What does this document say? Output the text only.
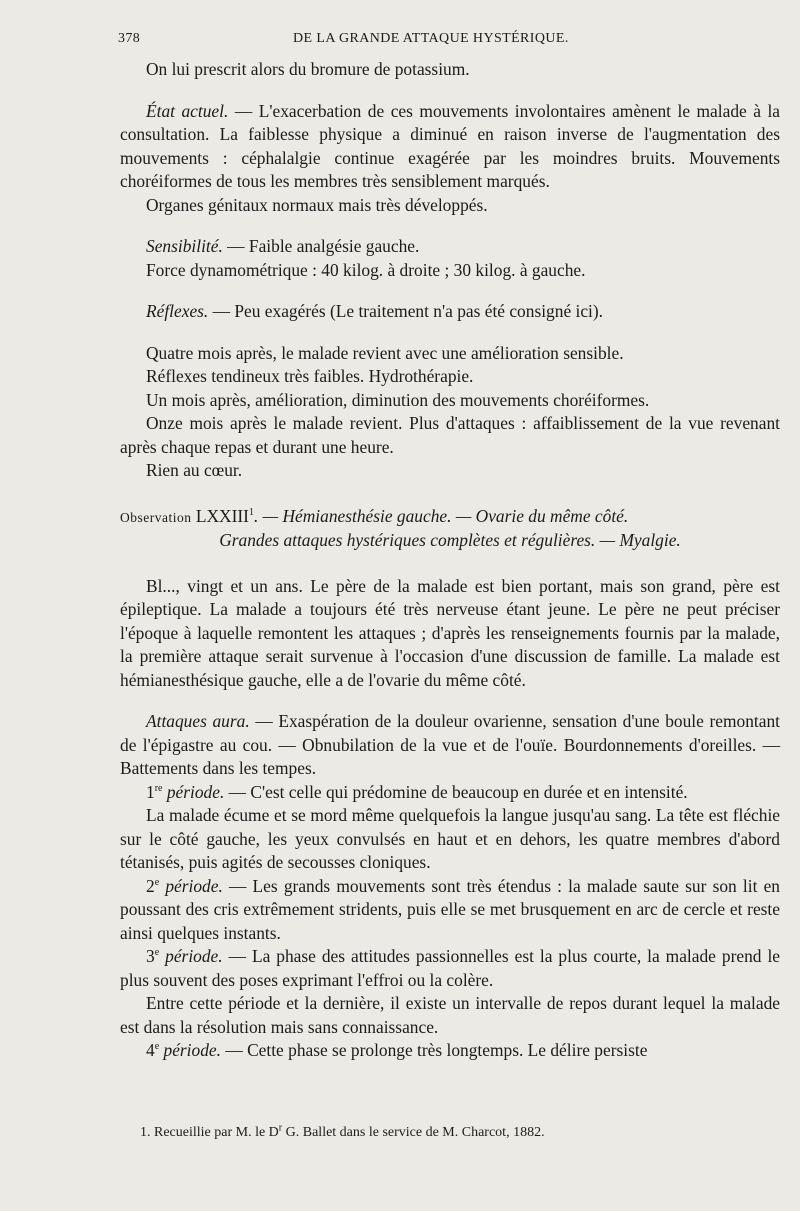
378	DE LA GRANDE ATTAQUE HYSTÉRIQUE.

On lui prescrit alors du bromure de potassium.

État actuel. — L'exacerbation de ces mouvements involontaires amènent le malade à la consultation. La faiblesse physique a diminué en raison inverse de l'augmentation des mouvements : céphalalgie continue exagérée par les moindres bruits. Mouvements choréiformes de tous les membres très sensiblement marqués.

Organes génitaux normaux mais très développés.

Sensibilité. — Faible analgésie gauche.

Force dynamométrique : 40 kilog. à droite ; 30 kilog. à gauche.

Réflexes. — Peu exagérés (Le traitement n'a pas été consigné ici).

Quatre mois après, le malade revient avec une amélioration sensible.

Réflexes tendineux très faibles. Hydrothérapie.

Un mois après, amélioration, diminution des mouvements choréiformes.

Onze mois après le malade revient. Plus d'attaques : affaiblissement de la vue revenant après chaque repas et durant une heure.

Rien au cœur.

Observation LXXIII$^1$. — Hémianesthésie gauche. — Ovarie du même côté.

Grandes attaques hystériques complètes et régulières. — Myalgie.

Bl..., vingt et un ans. Le père de la malade est bien portant, mais son grand, père est épileptique. La malade a toujours été très nerveuse étant jeune. Le père ne peut préciser l'époque à laquelle remontent les attaques ; d'après les renseignements fournis par la malade, la première attaque serait survenue à l'occasion d'une discussion de famille. La malade est hémianesthésique gauche, elle a de l'ovarie du même côté.

Attaques aura. — Exaspération de la douleur ovarienne, sensation d'une boule remontant de l'épigastre au cou. — Obnubilation de la vue et de l'ouïe. Bourdonnements d'oreilles. — Battements dans les tempes.

1re période. — C'est celle qui prédomine de beaucoup en durée et en intensité.

La malade écume et se mord même quelquefois la langue jusqu'au sang. La tête est fléchie sur le côté gauche, les yeux convulsés en haut et en dehors, les quatre membres d'abord tétanisés, puis agités de secousses cloniques.

2e période. — Les grands mouvements sont très étendus : la malade saute sur son lit en poussant des cris extrêmement stridents, puis elle se met brusquement en arc de cercle et reste ainsi quelques instants.

3e période. — La phase des attitudes passionnelles est la plus courte, la malade prend le plus souvent des poses exprimant l'effroi ou la colère.

Entre cette période et la dernière, il existe un intervalle de repos durant lequel la malade est dans la résolution mais sans connaissance.

4e période. — Cette phase se prolonge très longtemps. Le délire persiste

1. Recueillie par M. le $D^r$ G. Ballet dans le service de M. Charcot, 1882.
